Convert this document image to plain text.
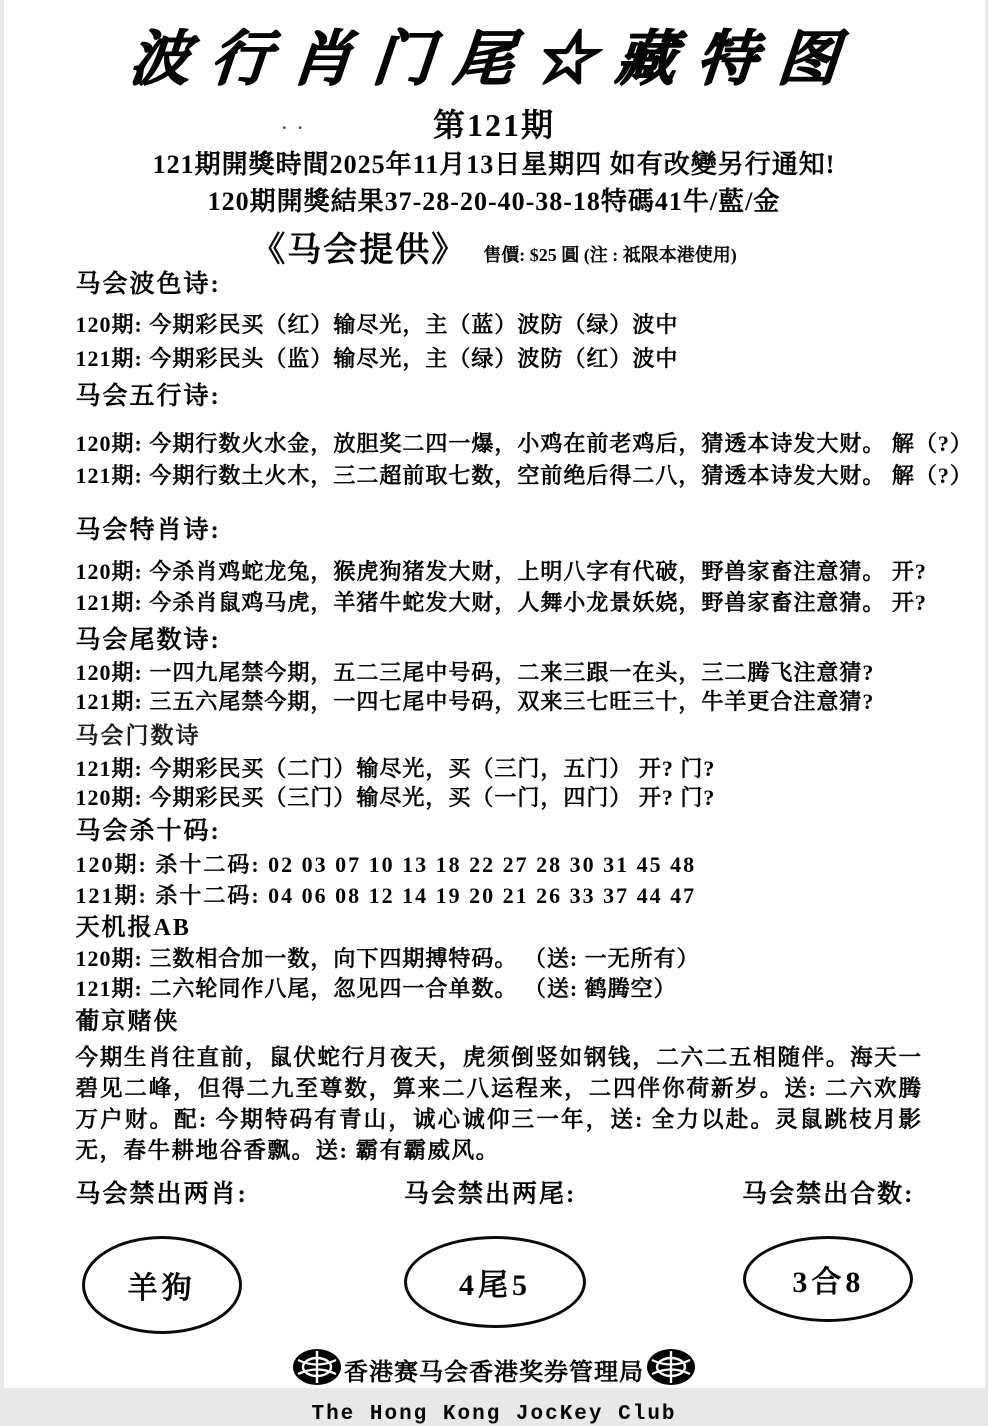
波行肖门尾☆藏特图
第121期
· ·
121期開獎時間2025年11月13日星期四 如有改變另行通知!
120期開獎結果37-28-20-40-38-18特碼41牛/藍/金
《马会提供》 售價: $25 圓 (注 : 祗限本港使用)
马会波色诗:
120期: 今期彩民买（红）输尽光，主（蓝）波防（绿）波中
121期: 今期彩民头（监）输尽光，主（绿）波防（红）波中
马会五行诗:
120期: 今期行数火水金，放胆奖二四一爆，小鸡在前老鸡后，猜透本诗发大财。 解（?）
121期: 今期行数土火木，三二超前取七数，空前绝后得二八，猜透本诗发大财。 解（?）
马会特肖诗:
120期: 今杀肖鸡蛇龙兔，猴虎狗猪发大财，上明八字有代破，野兽家畜注意猜。 开?
121期: 今杀肖鼠鸡马虎，羊猪牛蛇发大财，人舞小龙景妖娆，野兽家畜注意猜。 开?
马会尾数诗:
120期: 一四九尾禁今期，五二三尾中号码，二来三跟一在头，三二腾飞注意猜?
121期: 三五六尾禁今期，一四七尾中号码，双来三七旺三十，牛羊更合注意猜?
马会门数诗
121期: 今期彩民买（二门）输尽光，买（三门，五门） 开? 门?
120期: 今期彩民买（三门）输尽光，买（一门，四门） 开? 门?
马会杀十码:
120期: 杀十二码: 02 03 07 10 13 18 22 27 28 30 31 45 48
121期: 杀十二码: 04 06 08 12 14 19 20 21 26 33 37 44 47
天机报AB
120期: 三数相合加一数，向下四期搏特码。 （送: 一无所有）
121期: 二六轮同作八尾，忽见四一合单数。 （送: 鹤腾空）
葡京赌侠
今期生肖往直前，鼠伏蛇行月夜天，虎须倒竖如钢钱，二六二五相随伴。海天一碧见二峰，但得二九至尊数，算来二八运程来，二四伴你荷新岁。送: 二六欢腾万户财。配: 今期特码有青山，诚心诚仰三一年，送: 全力以赴。灵鼠跳枝月影无，春牛耕地谷香飘。送: 霸有霸威风。
马会禁出两肖:
羊狗
马会禁出两尾:
4尾5
马会禁出合数:
3合8
香港赛马会香港奖券管理局
The Hong Kong JocKey Club
